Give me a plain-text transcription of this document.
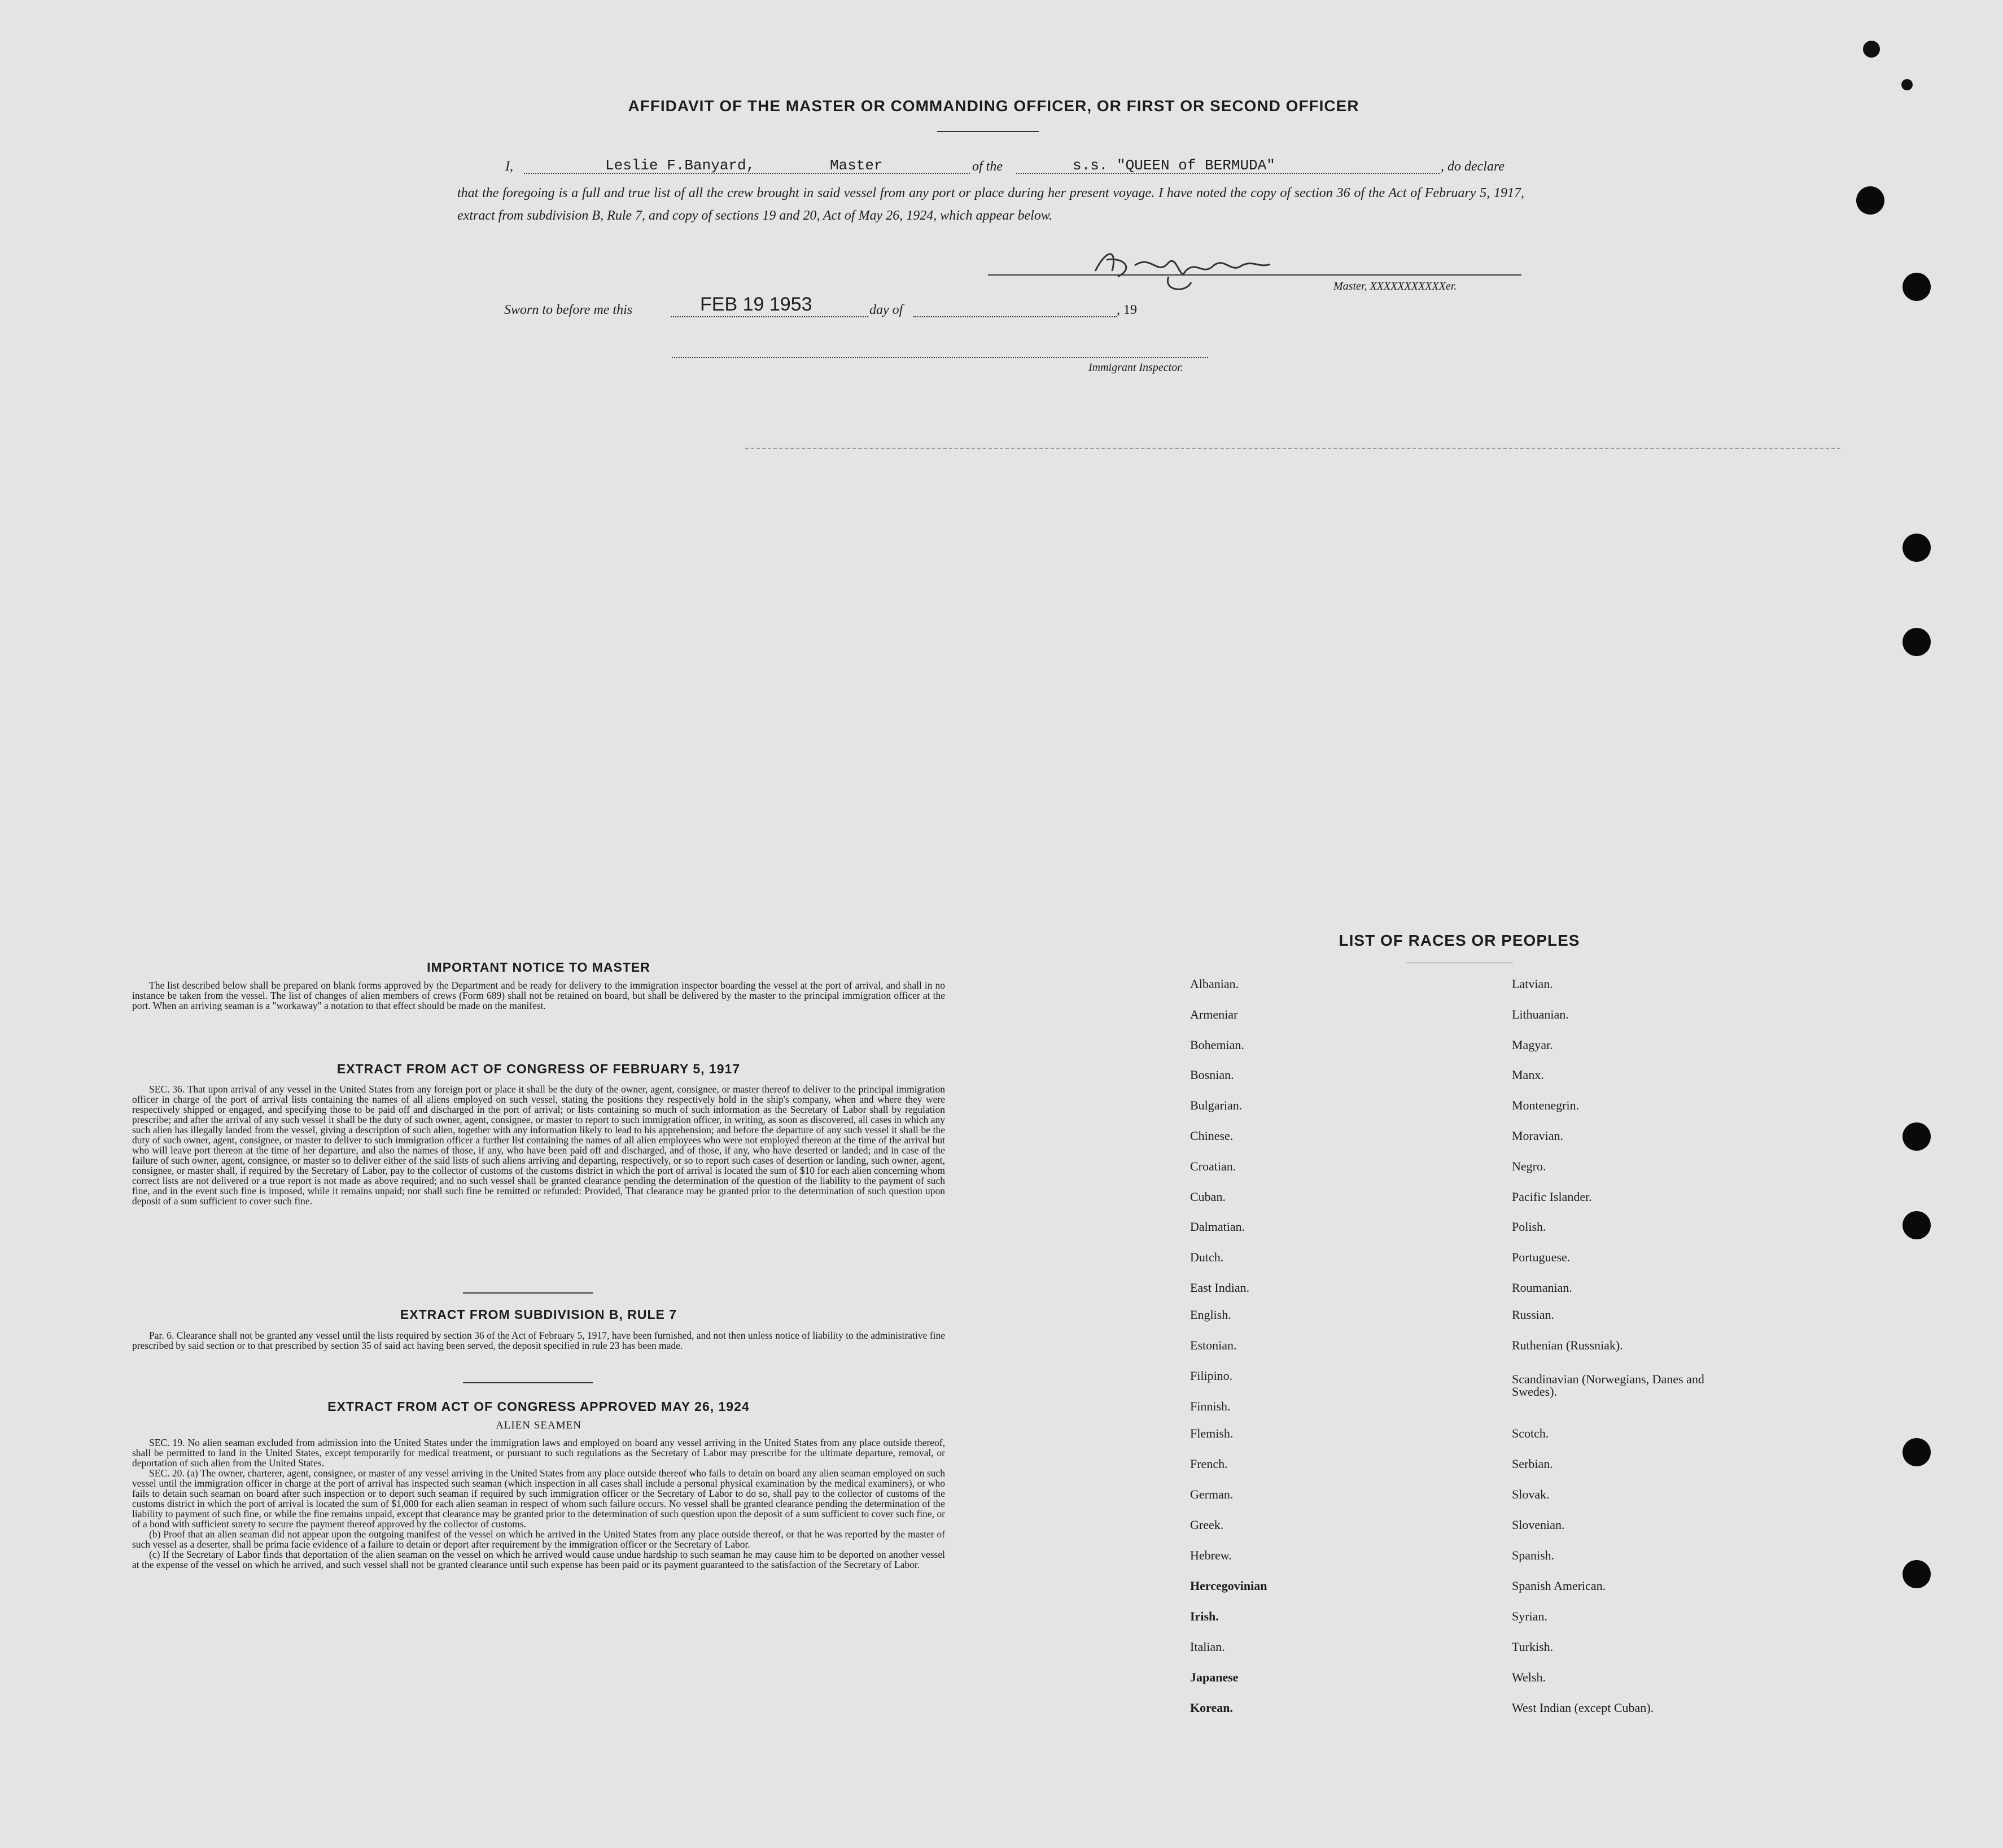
AFFIDAVIT OF THE MASTER OR COMMANDING OFFICER, OR FIRST OR SECOND OFFICER
I,	Leslie F.Banyard,	Master	of the	s.s. "QUEEN of BERMUDA"	, do declare
that the foregoing is a full and true list of all the crew brought in said vessel from any port or place during her present voyage. I have noted the copy of section 36 of the Act of February 5, 1917, extract from subdivision B, Rule 7, and copy of sections 19 and 20, Act of May 26, 1924, which appear below.
Master, XXXXXXXXXXXer.
Sworn to before me this	FEB 19 1953	day of	, 19
Immigrant Inspector.
IMPORTANT NOTICE TO MASTER

The list described below shall be prepared on blank forms approved by the Department and be ready for delivery to the immigration inspector boarding the vessel at the port of arrival, and shall in no instance be taken from the vessel. The list of changes of alien members of crews (Form 689) shall not be retained on board, but shall be delivered by the master to the principal immigration officer at the port. When an arriving seaman is a "workaway" a notation to that effect should be made on the manifest.

EXTRACT FROM ACT OF CONGRESS OF FEBRUARY 5, 1917

SEC. 36. That upon arrival of any vessel in the United States from any foreign port or place it shall be the duty of the owner, agent, consignee, or master thereof to deliver to the principal immigration officer in charge of the port of arrival lists containing the names of all aliens employed on such vessel, stating the positions they respectively hold in the ship's company, when and where they were respectively shipped or engaged, and specifying those to be paid off and discharged in the port of arrival; or lists containing so much of such information as the Secretary of Labor shall by regulation prescribe; and after the arrival of any such vessel it shall be the duty of such owner, agent, consignee, or master to report to such immigration officer, in writing, as soon as discovered, all cases in which any such alien has illegally landed from the vessel, giving a description of such alien, together with any information likely to lead to his apprehension; and before the departure of any such vessel it shall be the duty of such owner, agent, consignee, or master to deliver to such immigration officer a further list containing the names of all alien employees who were not employed thereon at the time of the arrival but who will leave port thereon at the time of her departure, and also the names of those, if any, who have been paid off and discharged, and of those, if any, who have deserted or landed; and in case of the failure of such owner, agent, consignee, or master so to deliver either of the said lists of such aliens arriving and departing, respectively, or so to report such cases of desertion or landing, such owner, agent, consignee, or master shall, if required by the Secretary of Labor, pay to the collector of customs of the customs district in which the port of arrival is located the sum of $10 for each alien concerning whom correct lists are not delivered or a true report is not made as above required; and no such vessel shall be granted clearance pending the determination of the question of the liability to the payment of such fine, and in the event such fine is imposed, while it remains unpaid; nor shall such fine be remitted or refunded: Provided, That clearance may be granted prior to the determination of such question upon deposit of a sum sufficient to cover such fine.

EXTRACT FROM SUBDIVISION B, RULE 7

Par. 6. Clearance shall not be granted any vessel until the lists required by section 36 of the Act of February 5, 1917, have been furnished, and not then unless notice of liability to the administrative fine prescribed by said section or to that prescribed by section 35 of said act having been served, the deposit specified in rule 23 has been made.

EXTRACT FROM ACT OF CONGRESS APPROVED MAY 26, 1924
ALIEN SEAMEN

SEC. 19. No alien seaman excluded from admission into the United States under the immigration laws and employed on board any vessel arriving in the United States from any place outside thereof, shall be permitted to land in the United States, except temporarily for medical treatment, or pursuant to such regulations as the Secretary of Labor may prescribe for the ultimate departure, removal, or deportation of such alien from the United States.

SEC. 20. (a) The owner, charterer, agent, consignee, or master of any vessel arriving in the United States from any place outside thereof who fails to detain on board any alien seaman employed on such vessel until the immigration officer in charge at the port of arrival has inspected such seaman (which inspection in all cases shall include a personal physical examination by the medical examiners), or who fails to detain such seaman on board after such inspection or to deport such seaman if required by such immigration officer or the Secretary of Labor to do so, shall pay to the collector of customs of the customs district in which the port of arrival is located the sum of $1,000 for each alien seaman in respect of whom such failure occurs. No vessel shall be granted clearance pending the determination of the liability to payment of such fine, or while the fine remains unpaid, except that clearance may be granted prior to the determination of such question upon the deposit of a sum sufficient to cover such fine, or of a bond with sufficient surety to secure the payment thereof approved by the collector of customs.

(b) Proof that an alien seaman did not appear upon the outgoing manifest of the vessel on which he arrived in the United States from any place outside thereof, or that he was reported by the master of such vessel as a deserter, shall be prima facie evidence of a failure to detain or deport after requirement by the immigration officer or the Secretary of Labor.

(c) If the Secretary of Labor finds that deportation of the alien seaman on the vessel on which he arrived would cause undue hardship to such seaman he may cause him to be deported on another vessel at the expense of the vessel on which he arrived, and such vessel shall not be granted clearance until such expense has been paid or its payment guaranteed to the satisfaction of the Secretary of Labor.

LIST OF RACES OR PEOPLES
Albanian.
Armeniar
Bohemian.
Bosnian.
Bulgarian.
Chinese.
Croatian.
Cuban.
Dalmatian.
Dutch.
East Indian.
English.
Estonian.
Filipino.
Finnish.
Flemish.
French.
German.
Greek.
Hebrew.
Hercegovinian
Irish.
Italian.
Japanese
Korean.
Latvian.
Lithuanian.
Magyar.
Manx.
Montenegrin.
Moravian.
Negro.
Pacific Islander.
Polish.
Portuguese.
Roumanian.
Russian.
Ruthenian (Russniak).
Scandinavian (Norwegians, Danes and Swedes).
Scotch.
Serbian.
Slovak.
Slovenian.
Spanish.
Spanish American.
Syrian.
Turkish.
Welsh.
West Indian (except Cuban).
